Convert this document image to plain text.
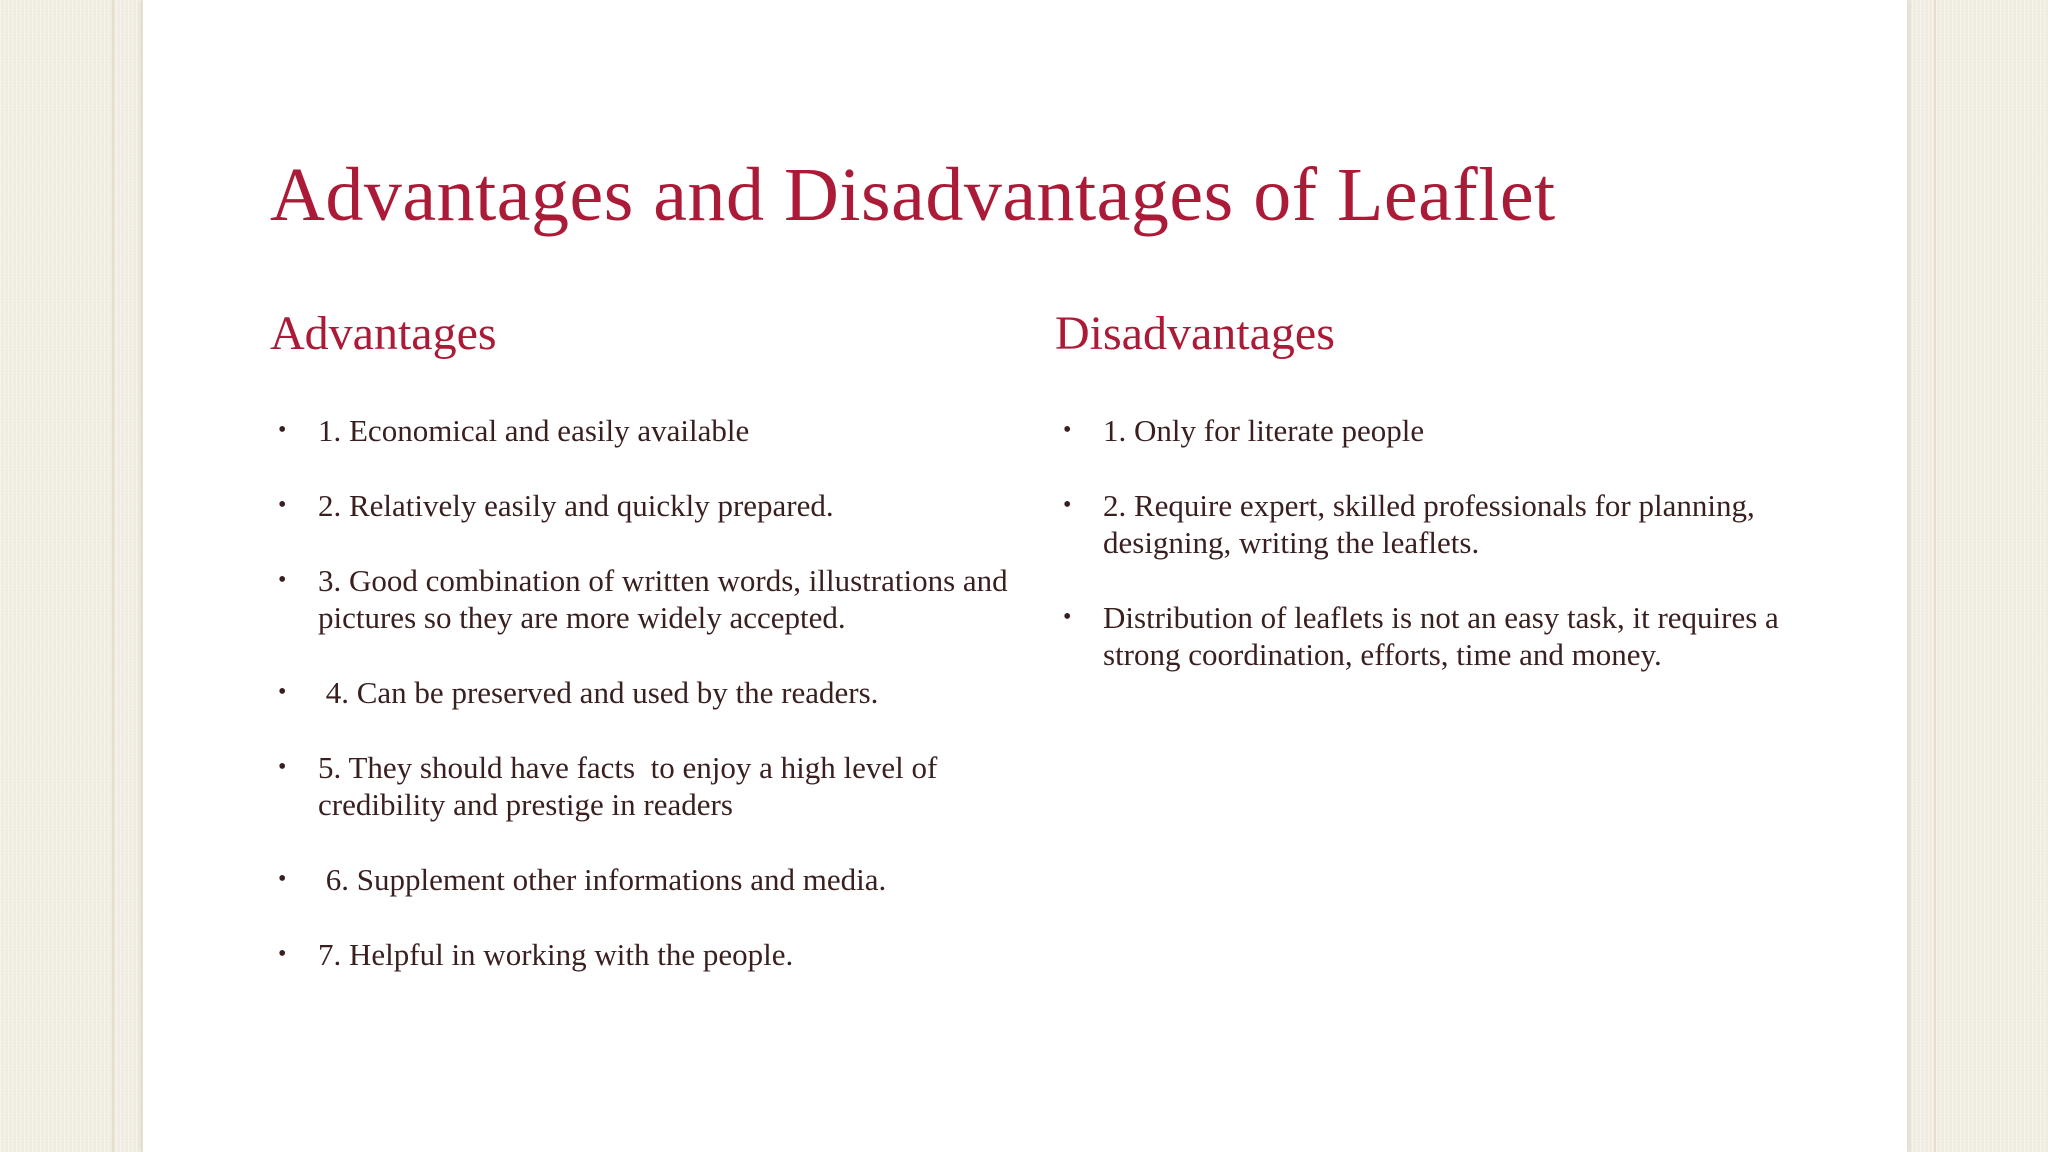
Advantages and Disadvantages of Leaflet
Advantages
• 1. Economical and easily available
• 2. Relatively easily and quickly prepared.
• 3. Good combination of written words, illustrations and pictures so they are more widely accepted.
• 4. Can be preserved and used by the readers.
• 5. They should have facts  to enjoy a high level of credibility and prestige in readers
• 6. Supplement other informations and media.
• 7. Helpful in working with the people.
Disadvantages
• 1. Only for literate people
• 2. Require expert, skilled professionals for planning, designing, writing the leaflets.
• Distribution of leaflets is not an easy task, it requires a strong coordination, efforts, time and money.
